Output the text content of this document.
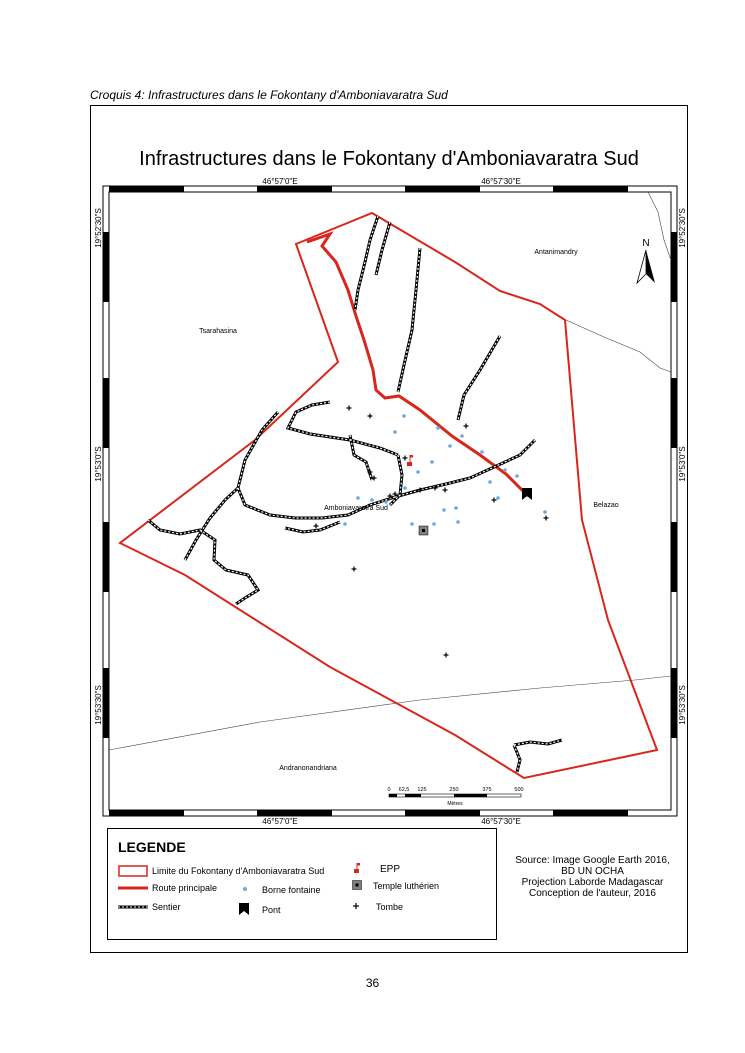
Croquis 4: Infrastructures dans le Fokontany d'Amboniavaratra Sud
Infrastructures dans le Fokontany d'Amboniavaratra Sud
46°57'0"E	46°57'30"E
46°57'0"E	46°57'30"E
19°52'30"S
19°53'0"S
19°53'30"S
19°52'30"S
19°53'0"S
19°53'30"S
Antanimandry
Tsarahasina
Belazao
Amboniavaratra Sud
Andranonandriana
N
0 62,5 125	250	375	500
Mètres
LEGENDE
Limite du Fokontany d'Amboniavaratra Sud
Route principale
Sentier
EPP
Borne fontaine	Temple luthérien
Pont	Tombe
Source: Image Google Earth 2016,
BD UN OCHA
Projection Laborde Madagascar
Conception de l'auteur, 2016
36
